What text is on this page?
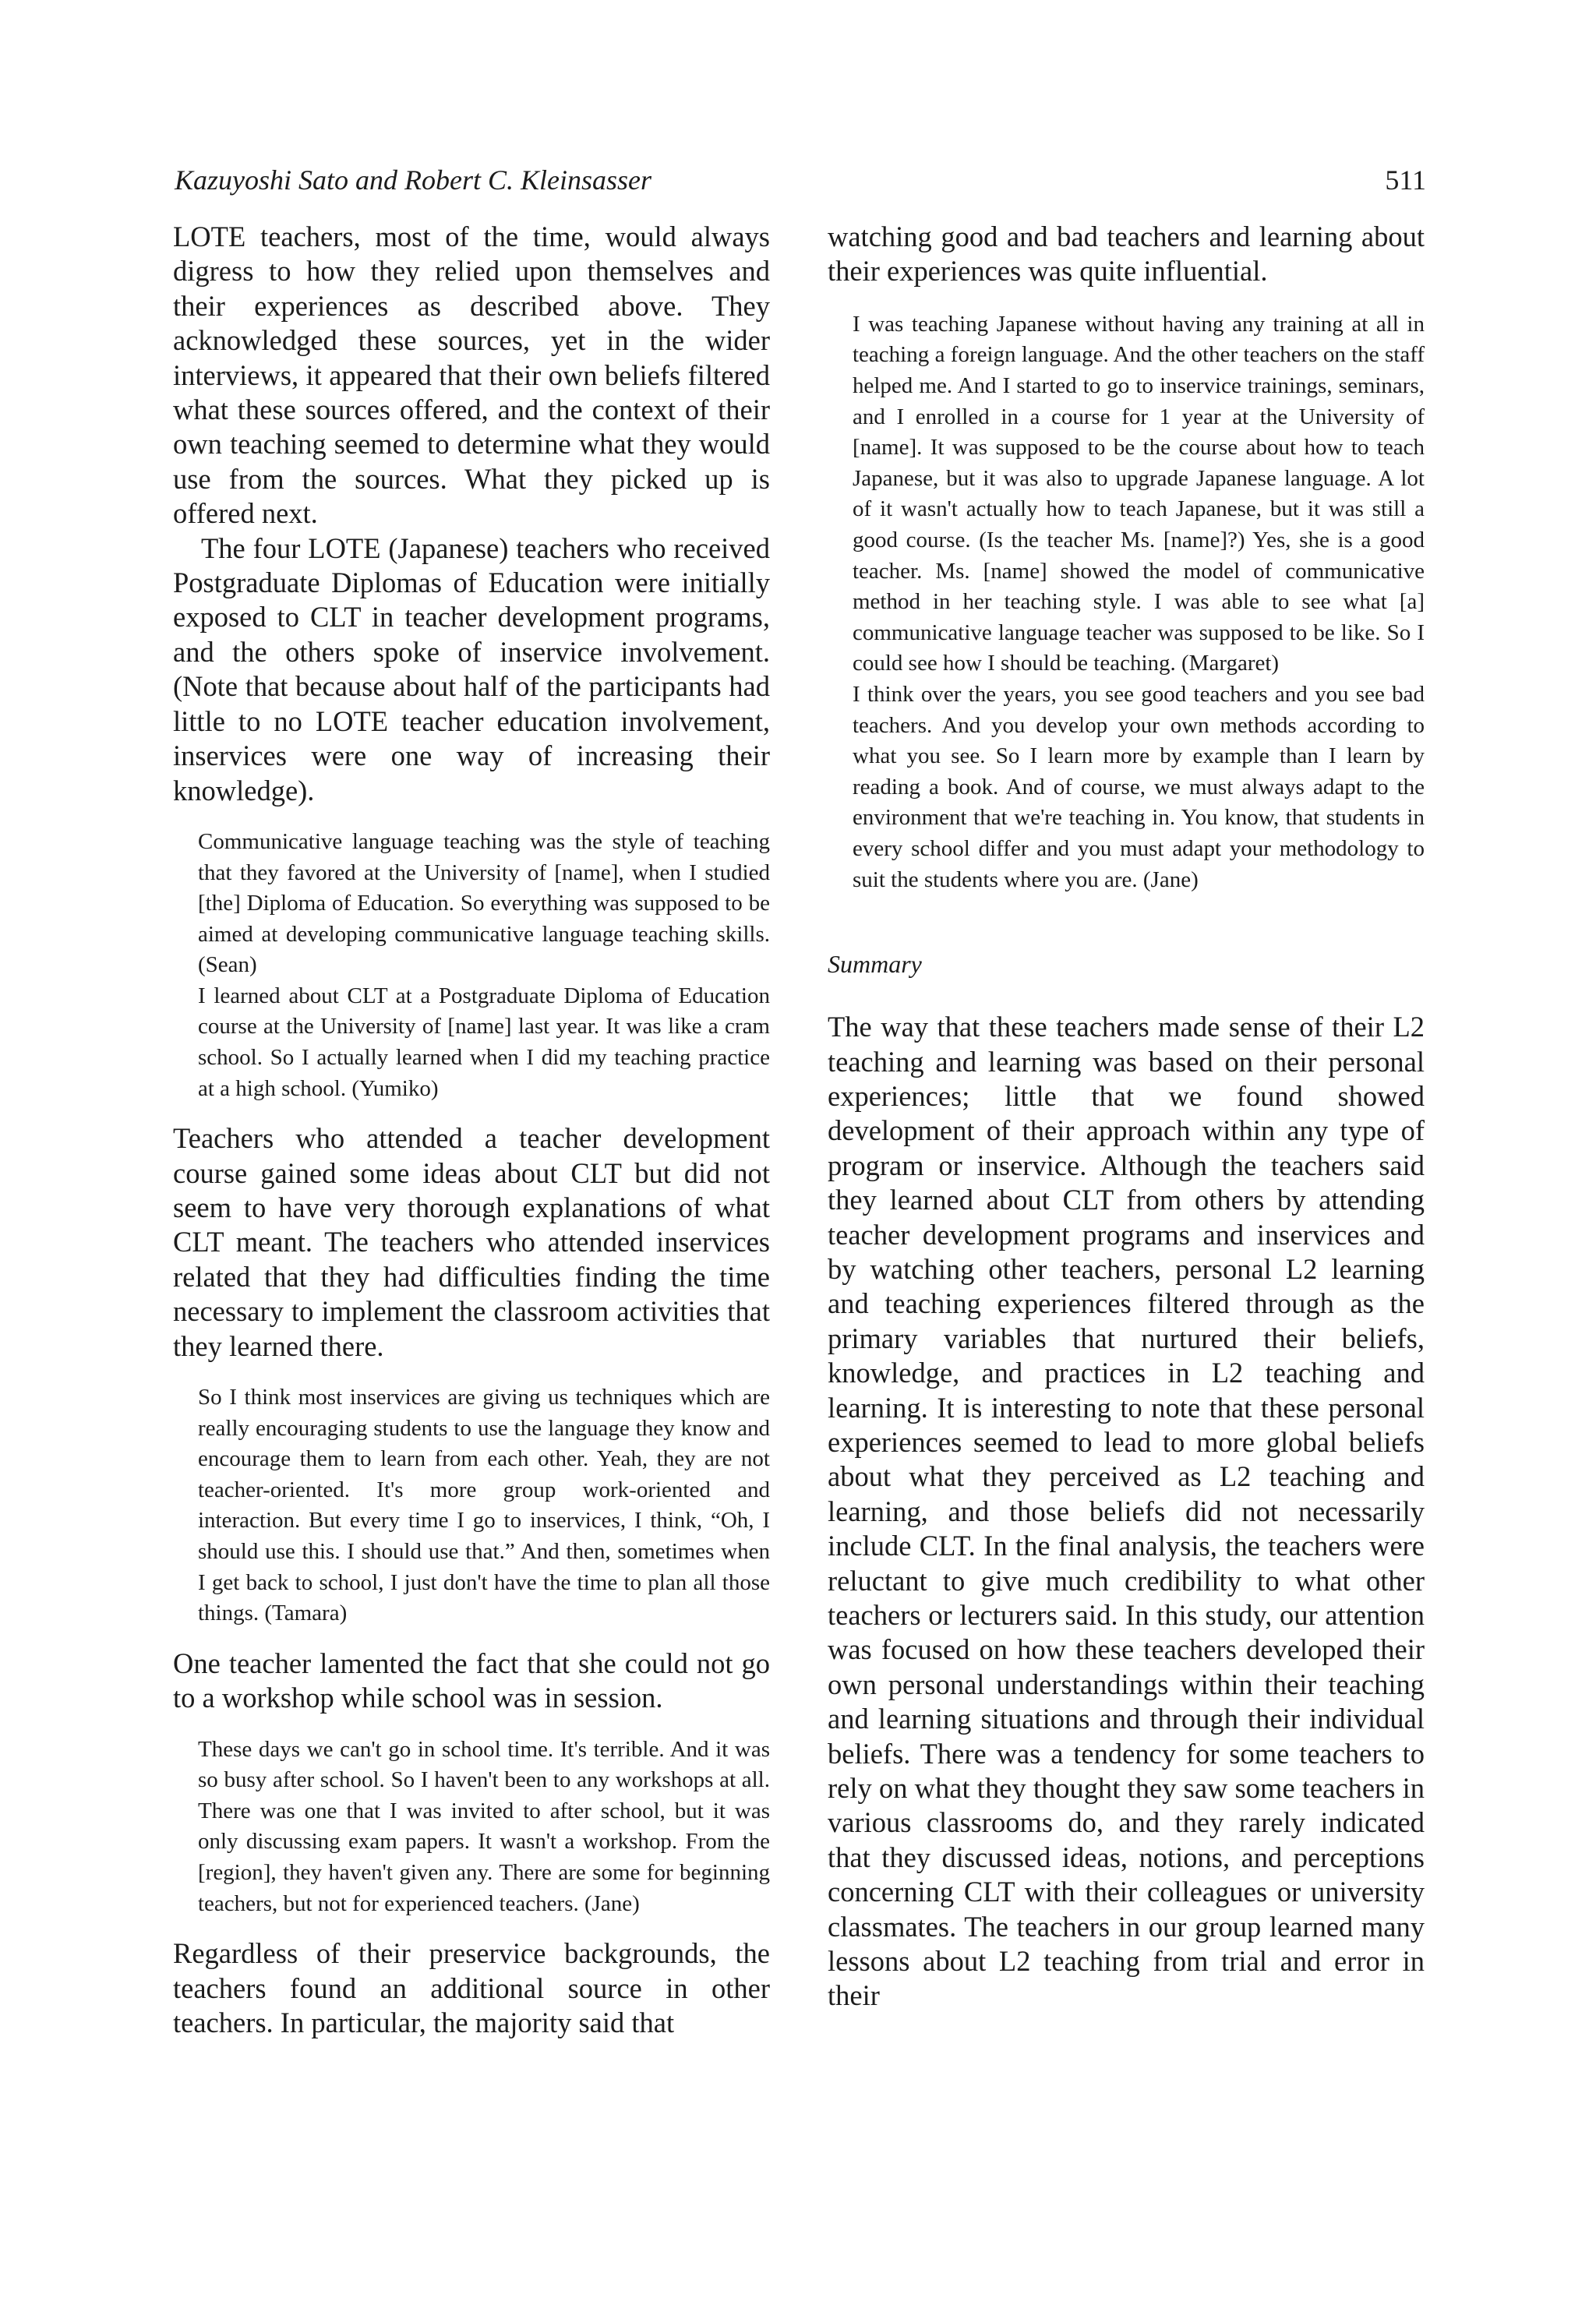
Kazuyoshi Sato and Robert C. Kleinsasser	511

LOTE teachers, most of the time, would always digress to how they relied upon themselves and their experiences as described above. They acknowledged these sources, yet in the wider interviews, it appeared that their own beliefs filtered what these sources offered, and the context of their own teaching seemed to determine what they would use from the sources. What they picked up is offered next.

The four LOTE (Japanese) teachers who received Postgraduate Diplomas of Education were initially exposed to CLT in teacher development programs, and the others spoke of inservice involvement. (Note that because about half of the participants had little to no LOTE teacher education involvement, inservices were one way of increasing their knowledge).

Communicative language teaching was the style of teaching that they favored at the University of [name], when I studied [the] Diploma of Education. So everything was supposed to be aimed at developing communicative language teaching skills. (Sean)

I learned about CLT at a Postgraduate Diploma of Education course at the University of [name] last year. It was like a cram school. So I actually learned when I did my teaching practice at a high school. (Yumiko)

Teachers who attended a teacher development course gained some ideas about CLT but did not seem to have very thorough explanations of what CLT meant. The teachers who attended inservices related that they had difficulties finding the time necessary to implement the classroom activities that they learned there.

So I think most inservices are giving us techniques which are really encouraging students to use the language they know and encourage them to learn from each other. Yeah, they are not teacher-oriented. It's more group work-oriented and interaction. But every time I go to inservices, I think, “Oh, I should use this. I should use that.” And then, sometimes when I get back to school, I just don't have the time to plan all those things. (Tamara)

One teacher lamented the fact that she could not go to a workshop while school was in session.

These days we can't go in school time. It's terrible. And it was so busy after school. So I haven't been to any workshops at all. There was one that I was invited to after school, but it was only discussing exam papers. It wasn't a workshop. From the [region], they haven't given any. There are some for beginning teachers, but not for experienced teachers. (Jane)

Regardless of their preservice backgrounds, the teachers found an additional source in other teachers. In particular, the majority said that

watching good and bad teachers and learning about their experiences was quite influential.

I was teaching Japanese without having any training at all in teaching a foreign language. And the other teachers on the staff helped me. And I started to go to inservice trainings, seminars, and I enrolled in a course for 1 year at the University of [name]. It was supposed to be the course about how to teach Japanese, but it was also to upgrade Japanese language. A lot of it wasn't actually how to teach Japanese, but it was still a good course. (Is the teacher Ms. [name]?) Yes, she is a good teacher. Ms. [name] showed the model of communicative method in her teaching style. I was able to see what [a] communicative language teacher was supposed to be like. So I could see how I should be teaching. (Margaret)

I think over the years, you see good teachers and you see bad teachers. And you develop your own methods according to what you see. So I learn more by example than I learn by reading a book. And of course, we must always adapt to the environment that we're teaching in. You know, that students in every school differ and you must adapt your methodology to suit the students where you are. (Jane)

Summary

The way that these teachers made sense of their L2 teaching and learning was based on their personal experiences; little that we found showed development of their approach within any type of program or inservice. Although the teachers said they learned about CLT from others by attending teacher development programs and inservices and by watching other teachers, personal L2 learning and teaching experiences filtered through as the primary variables that nurtured their beliefs, knowledge, and practices in L2 teaching and learning. It is interesting to note that these personal experiences seemed to lead to more global beliefs about what they perceived as L2 teaching and learning, and those beliefs did not necessarily include CLT. In the final analysis, the teachers were reluctant to give much credibility to what other teachers or lecturers said. In this study, our attention was focused on how these teachers developed their own personal understandings within their teaching and learning situations and through their individual beliefs. There was a tendency for some teachers to rely on what they thought they saw some teachers in various classrooms do, and they rarely indicated that they discussed ideas, notions, and perceptions concerning CLT with their colleagues or university classmates. The teachers in our group learned many lessons about L2 teaching from trial and error in their
